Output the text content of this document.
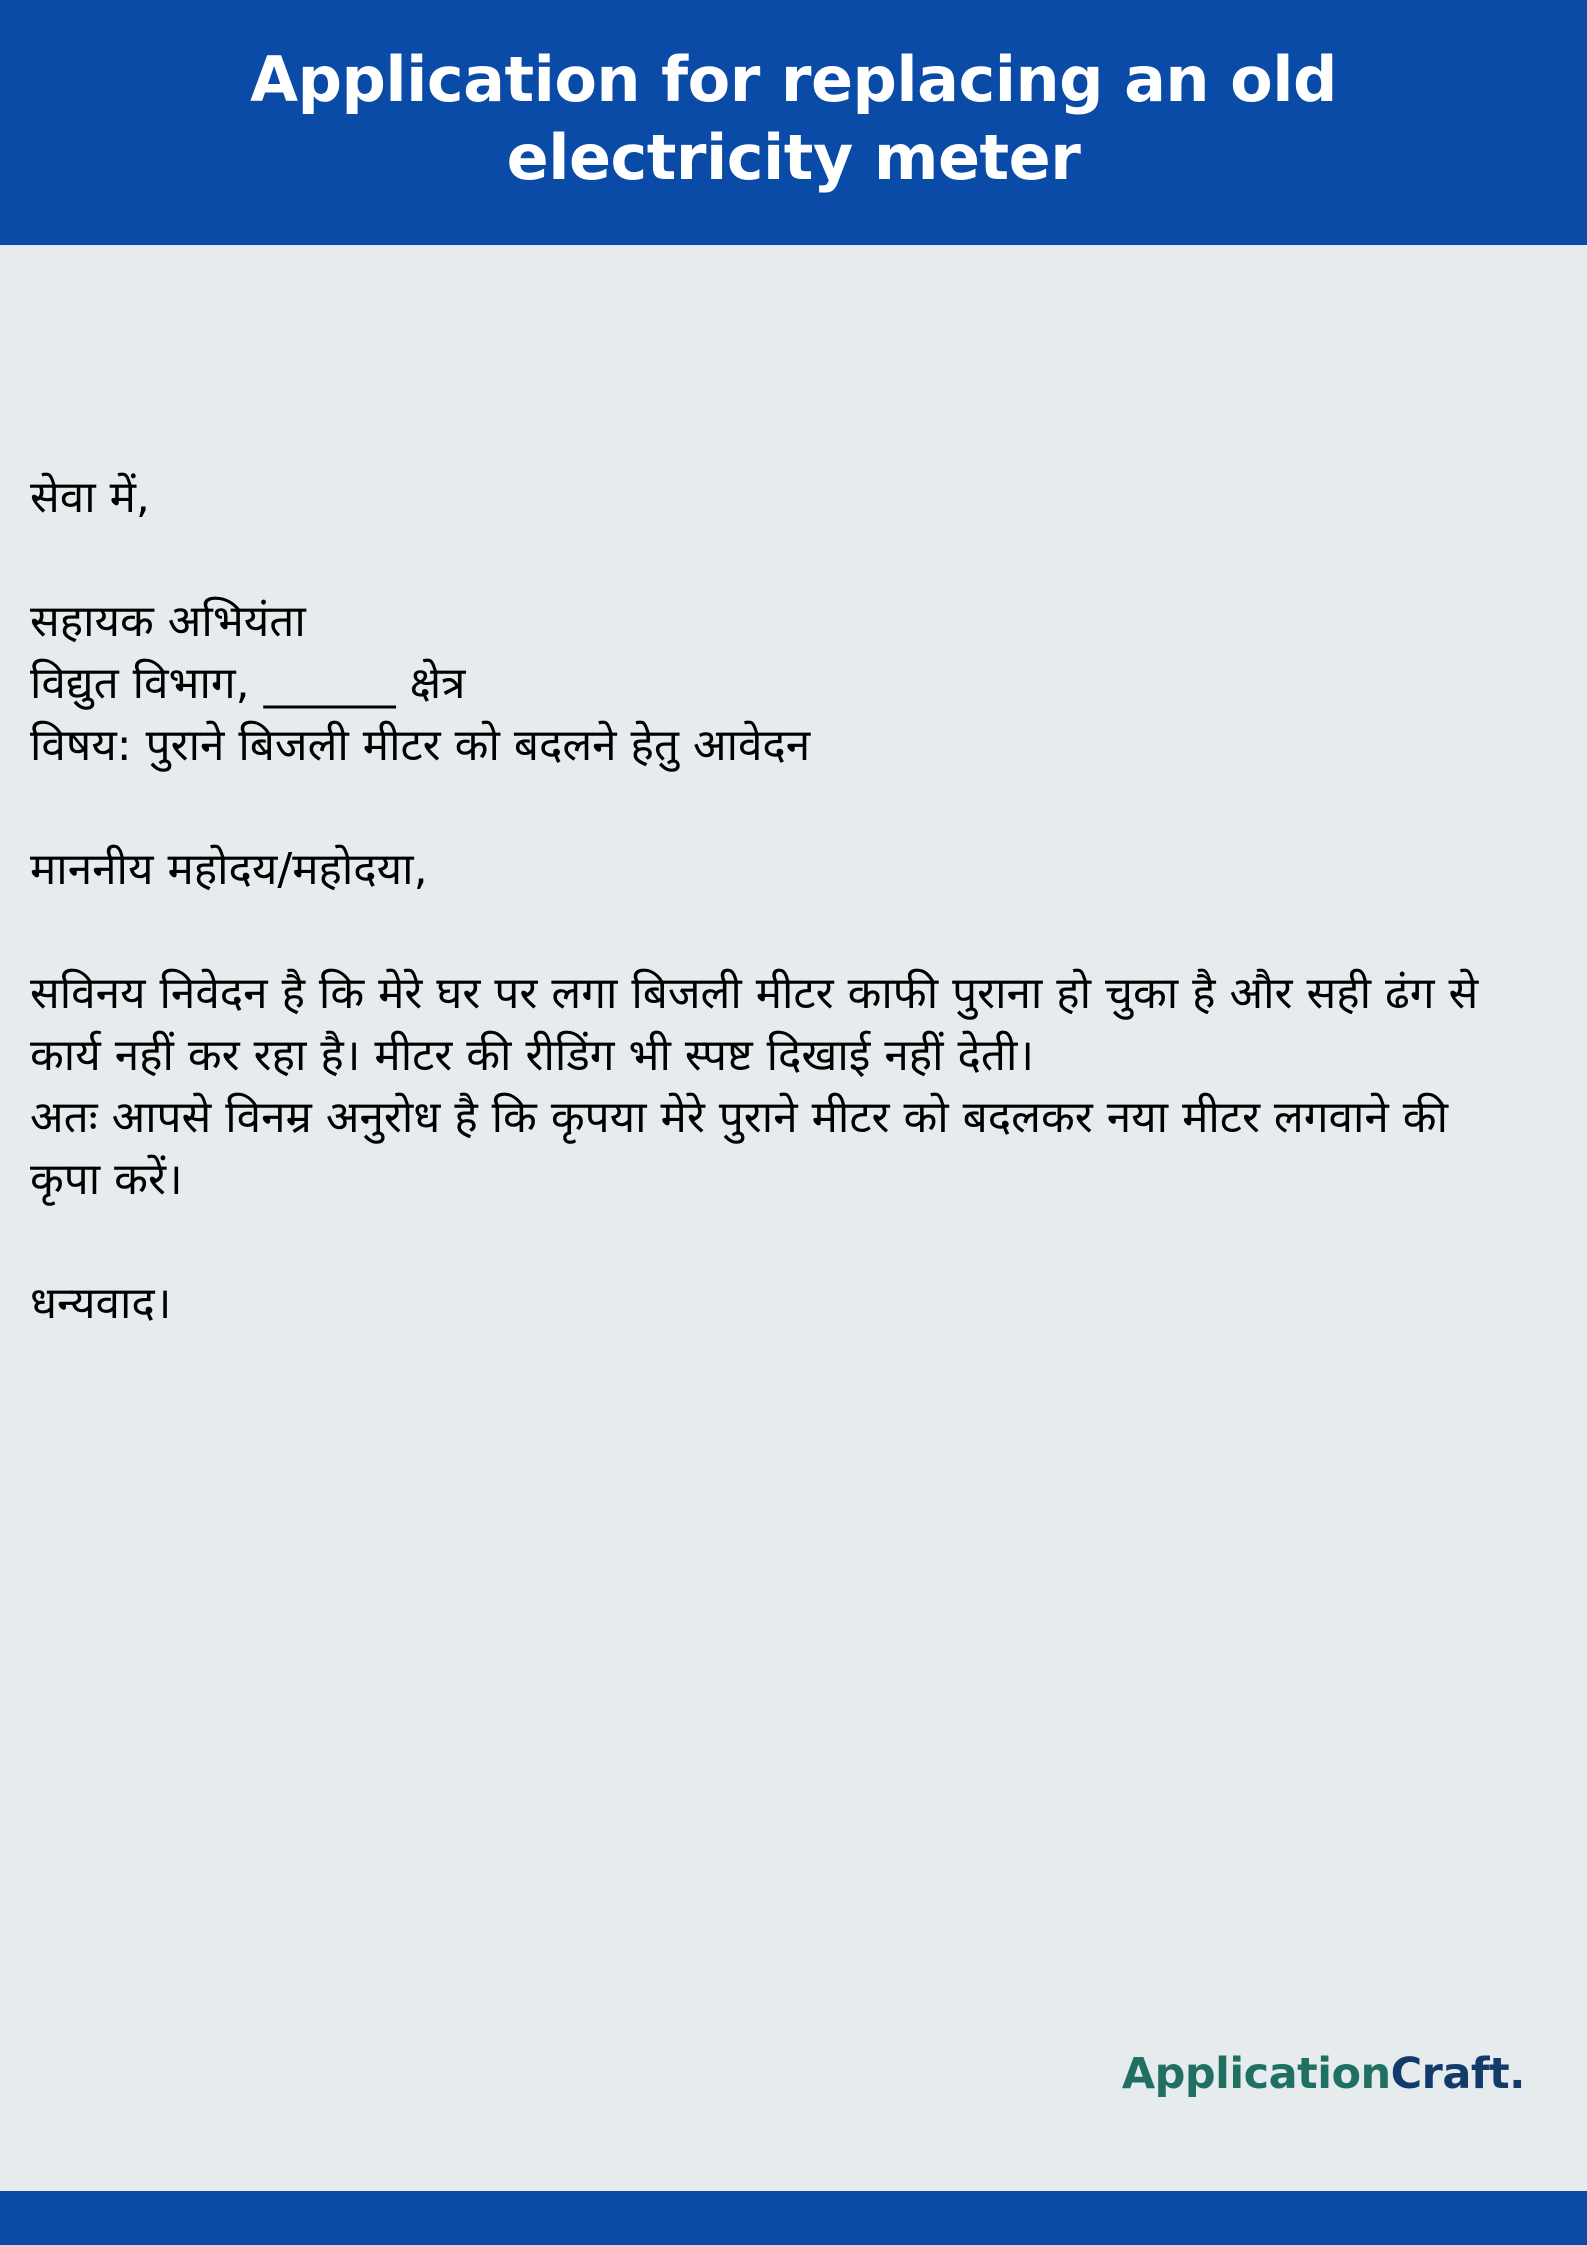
Application for replacing an old electricity meter
सेवा में,
सहायक अभियंता
विद्युत विभाग, ______ क्षेत्र
विषय: पुराने बिजली मीटर को बदलने हेतु आवेदन
माननीय महोदय/महोदया,
सविनय निवेदन है कि मेरे घर पर लगा बिजली मीटर काफी पुराना हो चुका है और सही ढंग से कार्य नहीं कर रहा है। मीटर की रीडिंग भी स्पष्ट दिखाई नहीं देती।
अतः आपसे विनम्र अनुरोध है कि कृपया मेरे पुराने मीटर को बदलकर नया मीटर लगवाने की कृपा करें।
धन्यवाद।
ApplicationCraft.
